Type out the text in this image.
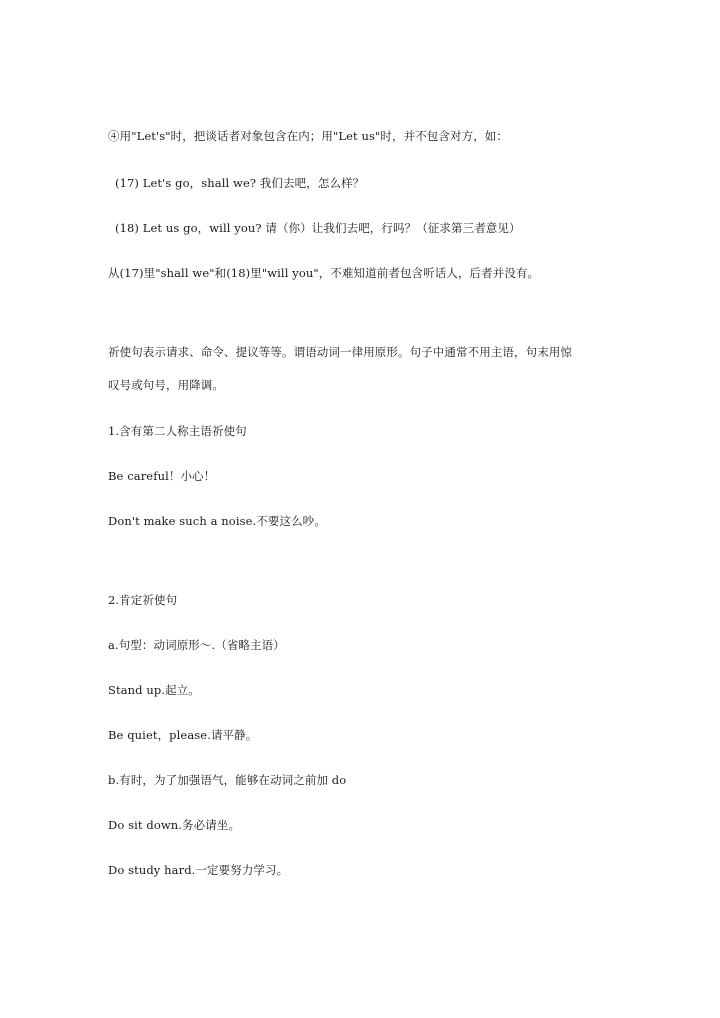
④用"Let's"时，把谈话者对象包含在内；用"Let us"时，并不包含对方，如：
(17) Let's go，shall we? 我们去吧，怎么样？
(18) Let us go，will you? 请（你）让我们去吧，行吗？（征求第三者意见）
从(17)里"shall we"和(18)里"will you"，不难知道前者包含听话人，后者并没有。
祈使句表示请求、命令、提议等等。谓语动词一律用原形。句子中通常不用主语，句末用惊
叹号或句号，用降调。
1.含有第二人称主语祈使句
Be careful！小心！
Don't make such a noise.不要这么吵。
2.肯定祈使句
a.句型：动词原形～.（省略主语）
Stand up.起立。
Be quiet，please.请平静。
b.有时，为了加强语气，能够在动词之前加 do
Do sit down.务必请坐。
Do study hard.一定要努力学习。
